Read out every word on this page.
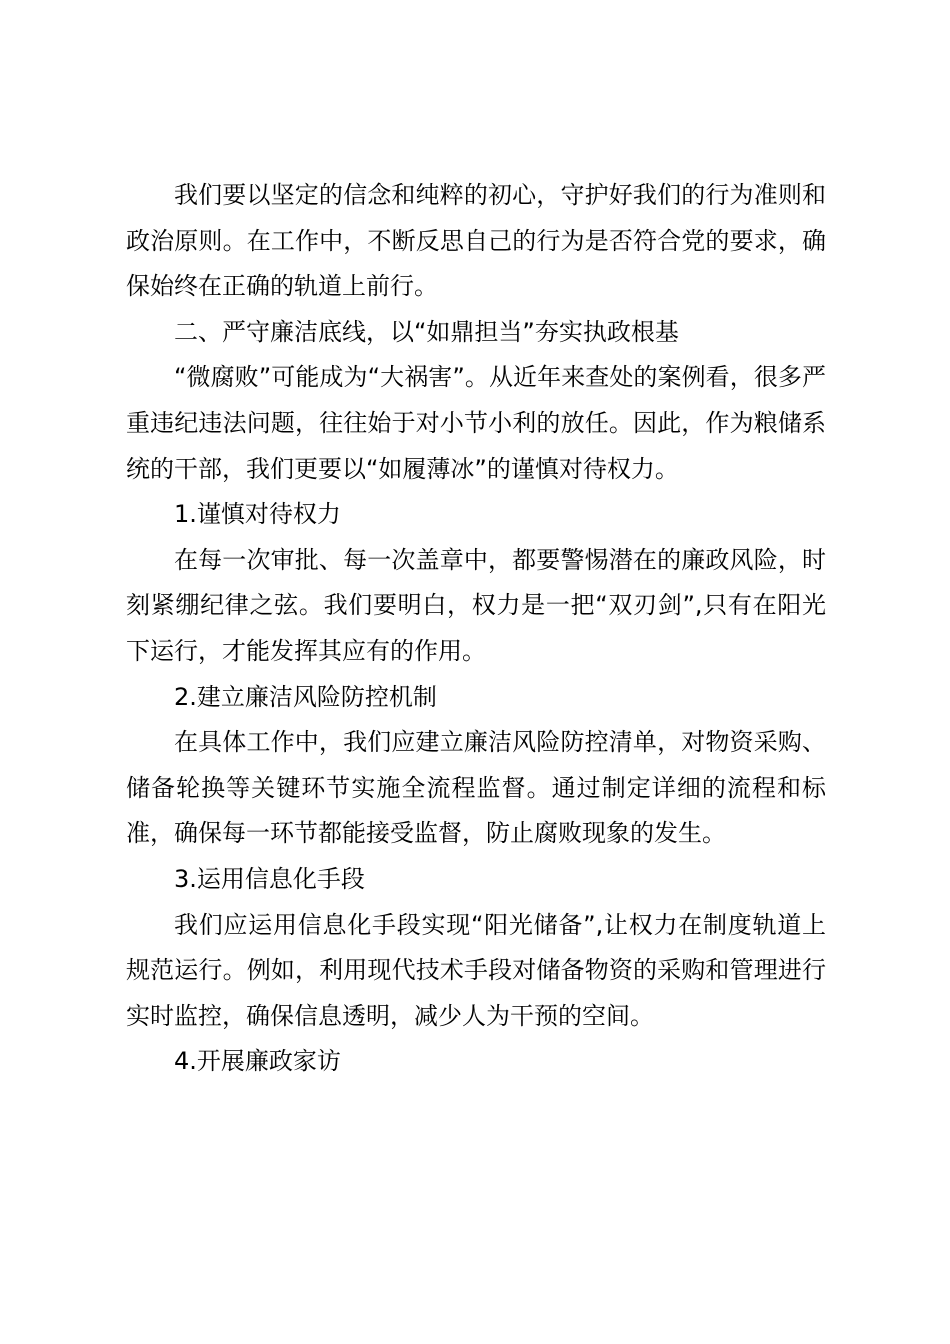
我们要以坚定的信念和纯粹的初心，守护好我们的行为准则和政治原则。在工作中，不断反思自己的行为是否符合党的要求，确保始终在正确的轨道上前行。

二、严守廉洁底线，以“如鼎担当”夯实执政根基

“微腐败”可能成为“大祸害”。从近年来查处的案例看，很多严重违纪违法问题，往往始于对小节小利的放任。因此，作为粮储系统的干部，我们更要以“如履薄冰”的谨慎对待权力。

1.谨慎对待权力

在每一次审批、每一次盖章中，都要警惕潜在的廉政风险，时刻紧绷纪律之弦。我们要明白，权力是一把“双刃剑”,只有在阳光下运行，才能发挥其应有的作用。

2.建立廉洁风险防控机制

在具体工作中，我们应建立廉洁风险防控清单，对物资采购、储备轮换等关键环节实施全流程监督。通过制定详细的流程和标准，确保每一环节都能接受监督，防止腐败现象的发生。

3.运用信息化手段

我们应运用信息化手段实现“阳光储备”,让权力在制度轨道上规范运行。例如，利用现代技术手段对储备物资的采购和管理进行实时监控，确保信息透明，减少人为干预的空间。

4.开展廉政家访
